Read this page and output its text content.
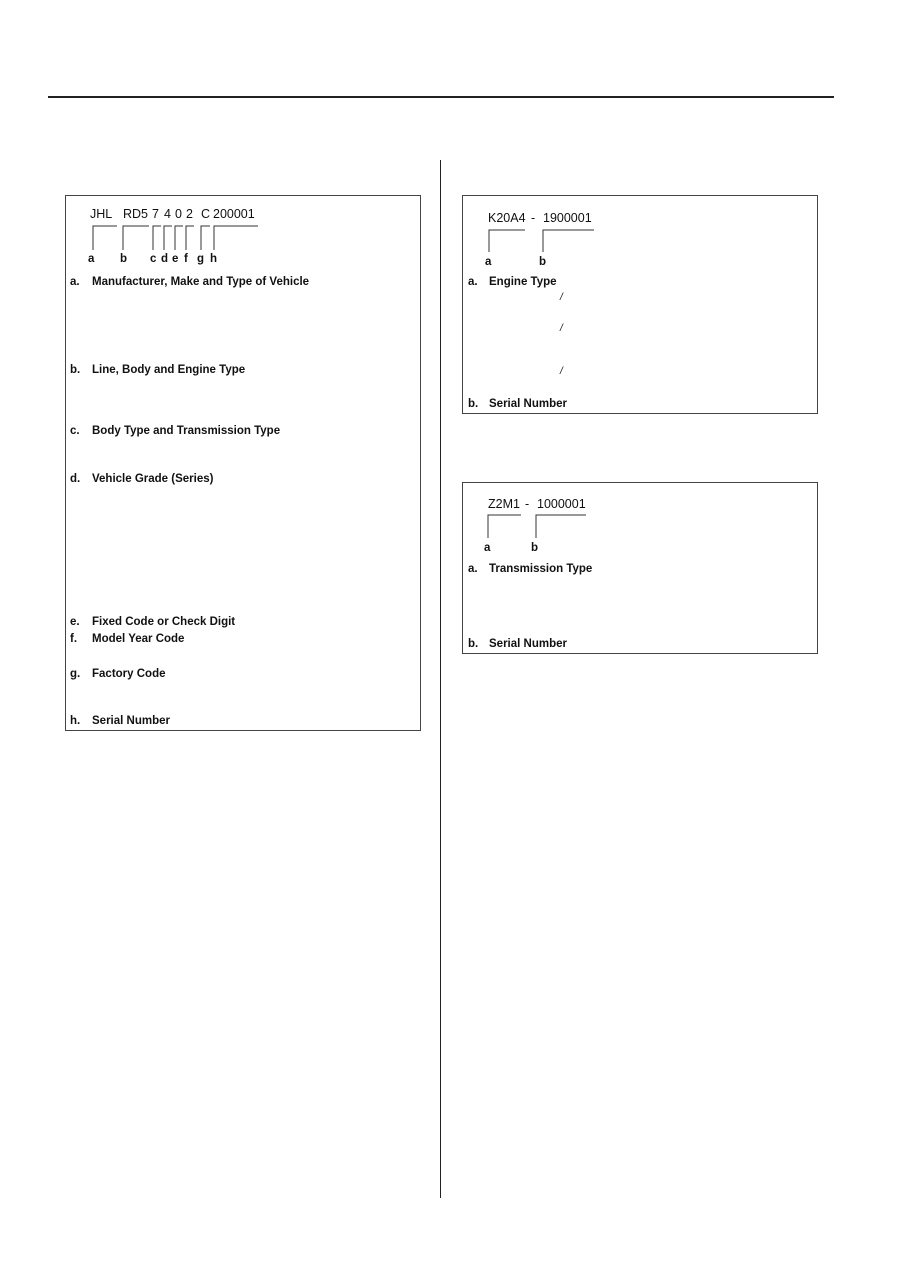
JHL RD5 7 4 0 2 C 200001
a b c d e f g h
a. Manufacturer, Make and Type of Vehicle
b. Line, Body and Engine Type
c. Body Type and Transmission Type
d. Vehicle Grade (Series)
e. Fixed Code or Check Digit
f. Model Year Code
g. Factory Code
h. Serial Number
K20A4 - 1900001
a	b
a. Engine Type
/
/
/
b. Serial Number
Z2M1 - 1000001
a	b
a. Transmission Type
b. Serial Number
